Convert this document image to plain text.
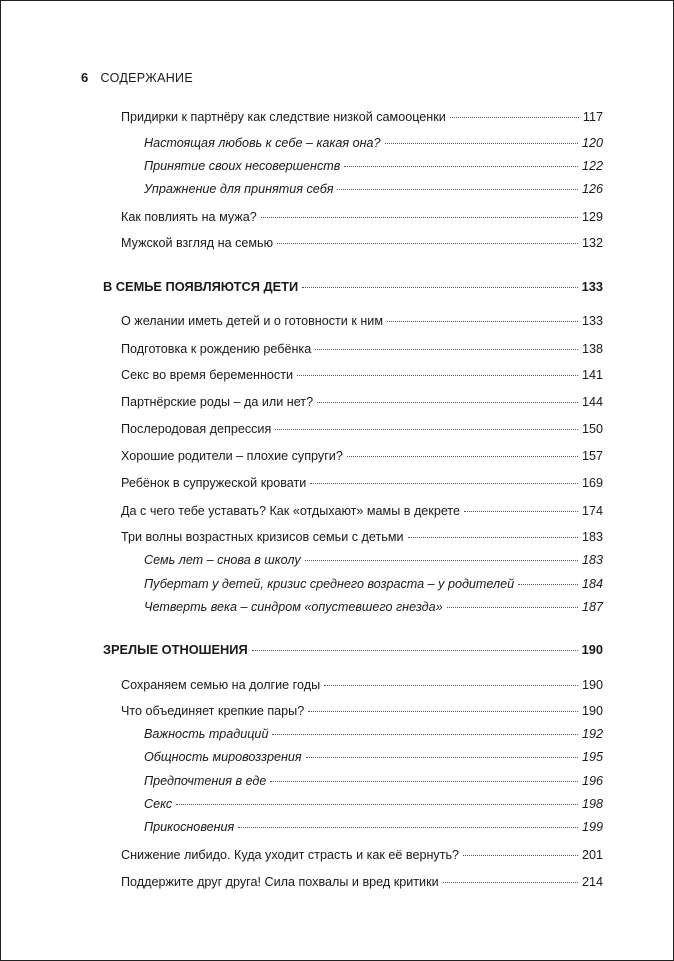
6 СОДЕРЖАНИЕ
Придирки к партнёру как следствие низкой самооценки	117
Настоящая любовь к себе – какая она?	120
Принятие своих несовершенств	122
Упражнение для принятия себя	126
Как повлиять на мужа?	129
Мужской взгляд на семью	132
В СЕМЬЕ ПОЯВЛЯЮТСЯ ДЕТИ	133
О желании иметь детей и о готовности к ним	133
Подготовка к рождению ребёнка	138
Секс во время беременности	141
Партнёрские роды – да или нет?	144
Послеродовая депрессия	150
Хорошие родители – плохие супруги?	157
Ребёнок в супружеской кровати	169
Да с чего тебе уставать? Как «отдыхают» мамы в декрете	174
Три волны возрастных кризисов семьи с детьми	183
Семь лет – снова в школу	183
Пубертат у детей, кризис среднего возраста – у родителей	184
Четверть века – синдром «опустевшего гнезда»	187
ЗРЕЛЫЕ ОТНОШЕНИЯ	190
Сохраняем семью на долгие годы	190
Что объединяет крепкие пары?	190
Важность традиций	192
Общность мировоззрения	195
Предпочтения в еде	196
Секс	198
Прикосновения	199
Снижение либидо. Куда уходит страсть и как её вернуть?	201
Поддержите друг друга! Сила похвалы и вред критики	214
